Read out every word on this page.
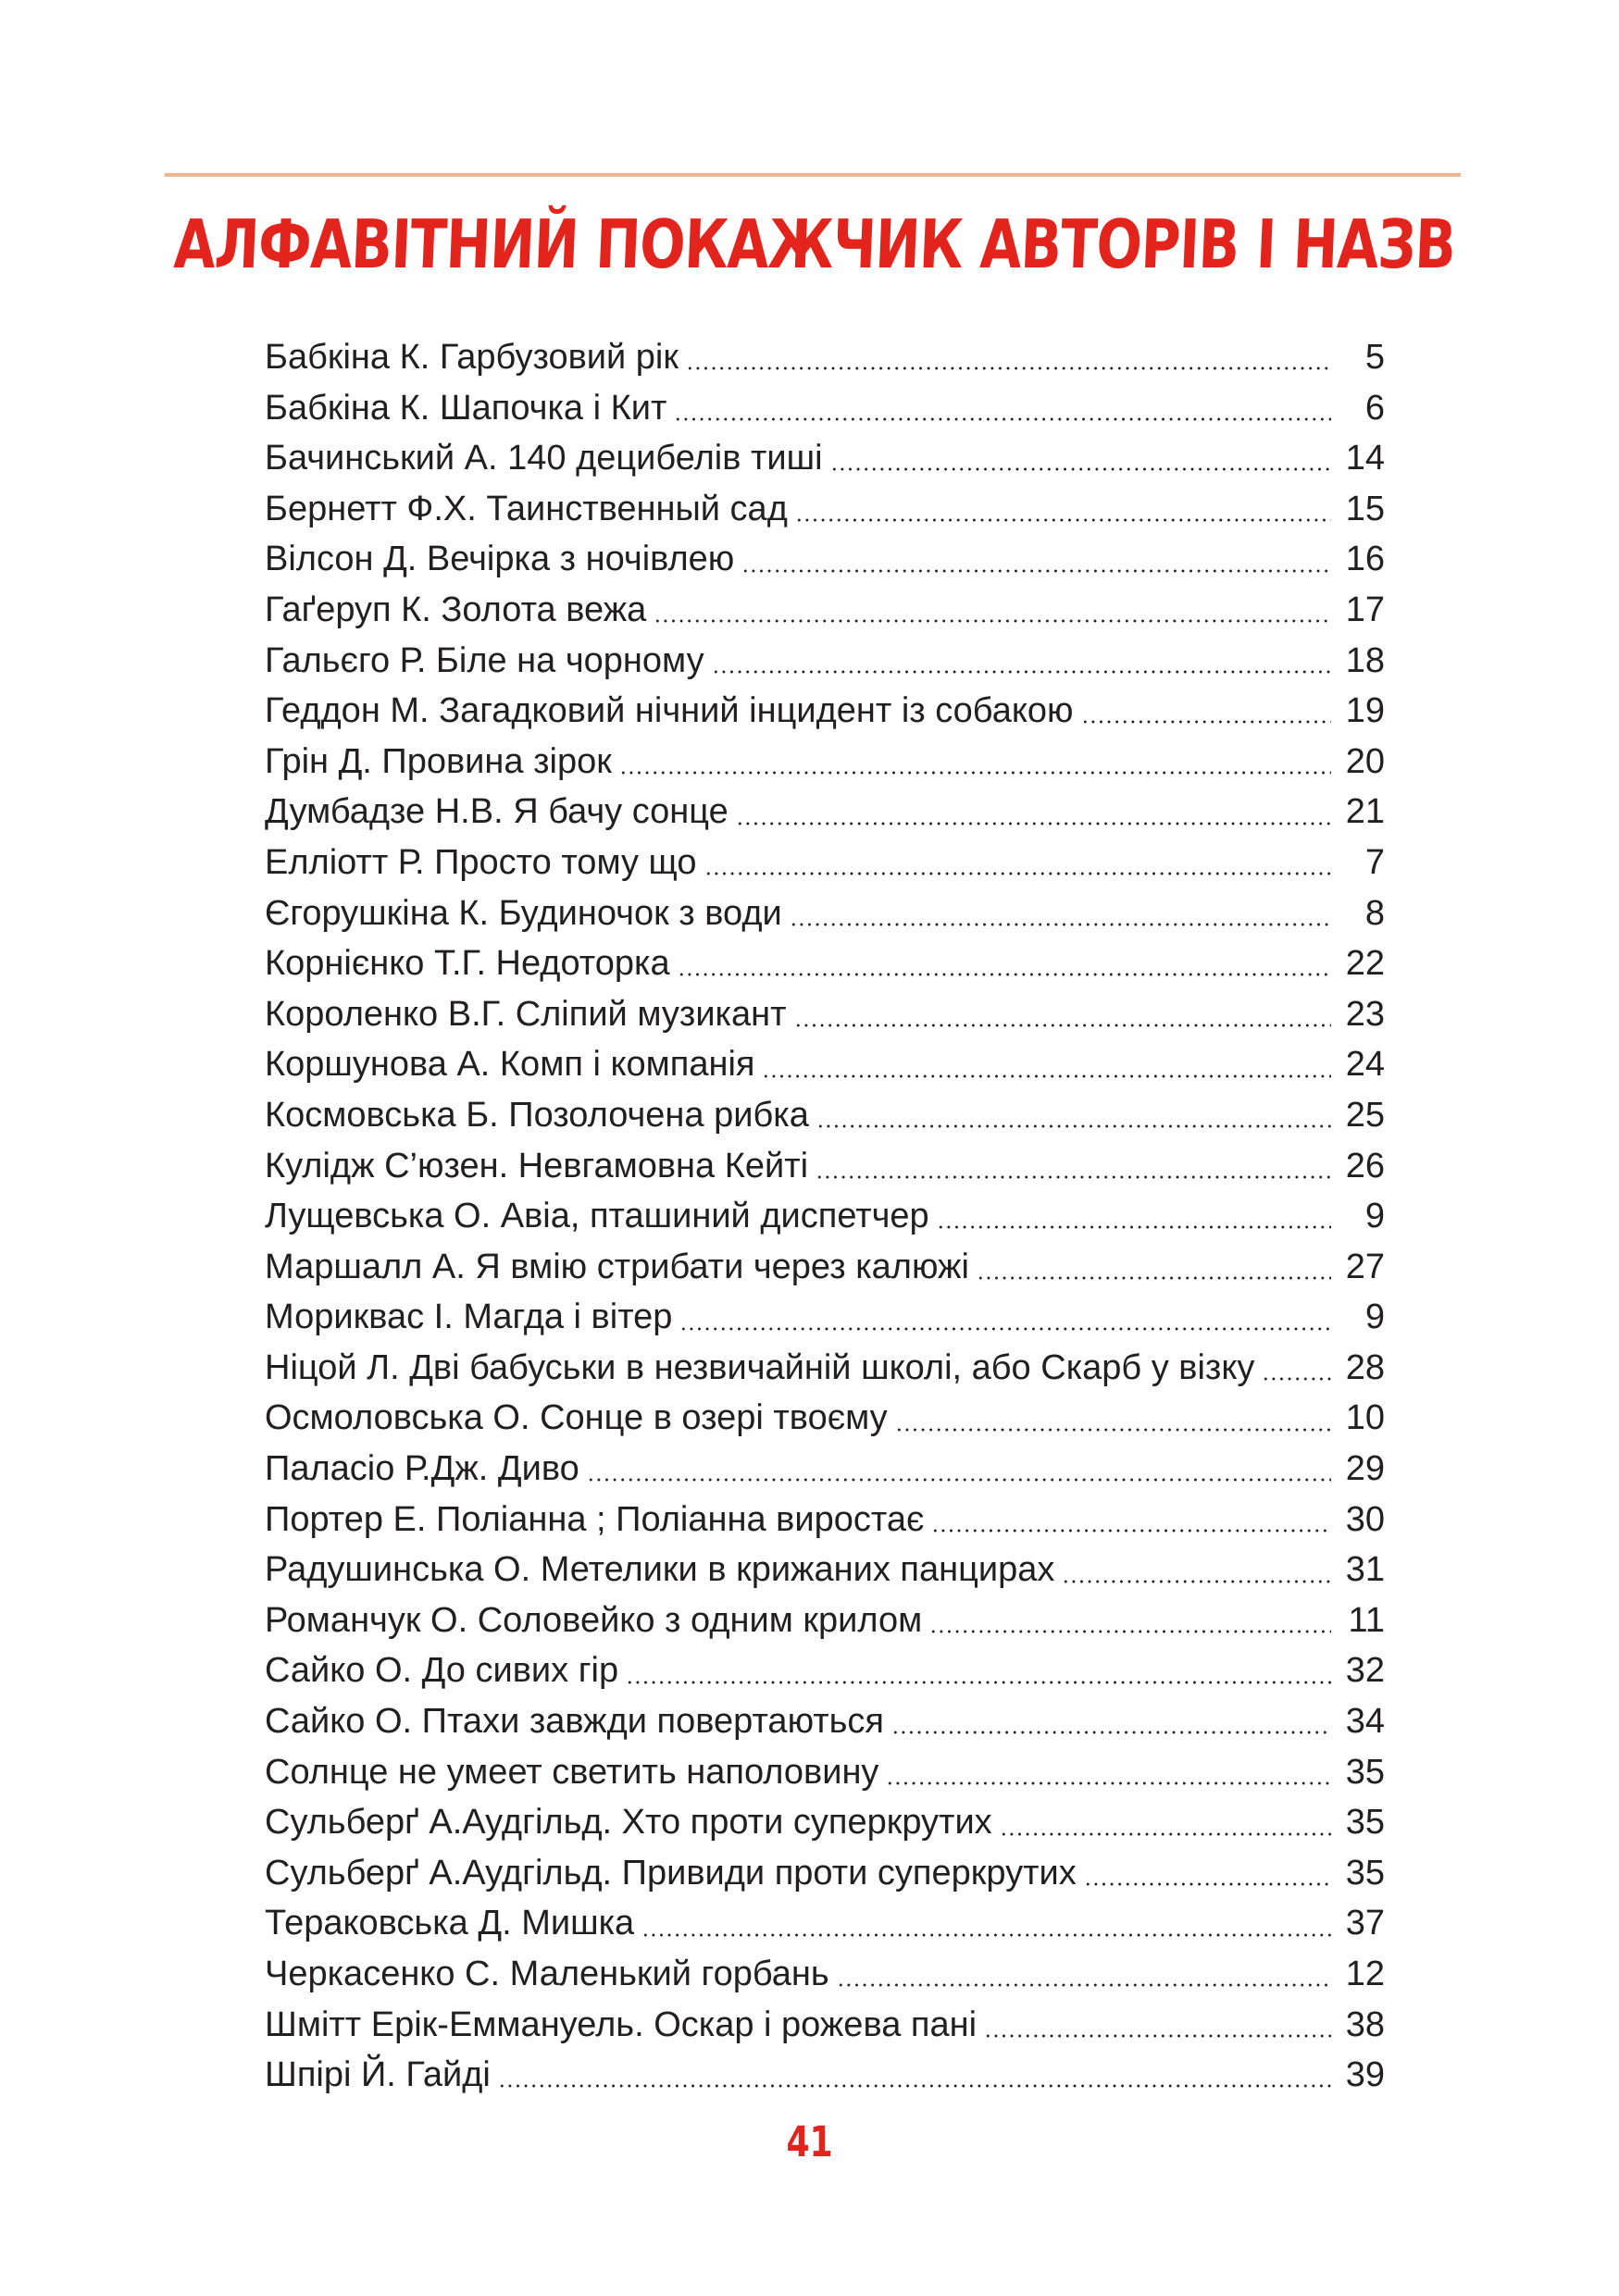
АЛФАВІТНИЙ ПОКАЖЧИК АВТОРІВ І НАЗВ
Бабкіна К. Гарбузовий рік	5
Бабкіна К. Шапочка і Кит	6
Бачинський А. 140 децибелів тиші	14
Бернетт Ф.Х. Таинственный сад	15
Вілсон Д. Вечірка з ночівлею	16
Гаґеруп К. Золота вежа	17
Гальєго Р. Біле на чорному	18
Геддон М. Загадковий нічний інцидент із собакою	19
Грін Д. Провина зірок	20
Думбадзе Н.В. Я бачу сонце	21
Еллiотт Р. Просто тому що	7
Єгорушкіна К. Будиночок з води	8
Корнієнко Т.Г. Недоторка	22
Короленко В.Г. Сліпий музикант	23
Коршунова А. Комп і компанія	24
Космовська Б. Позолочена рибка	25
Кулідж С’юзен. Невгамовна Кейті	26
Лущевська О. Авіа, пташиний диспетчер	9
Маршалл А. Я вмію стрибати через калюжі	27
Мориквас І. Магда і вітер	9
Ніцой Л. Дві бабуськи в незвичайній школі, або Скарб у візку	28
Осмоловська О. Сонце в озері твоєму	10
Паласіо Р.Дж. Диво	29
Портер Е. Поліанна ; Поліанна виростає	30
Радушинська О. Метелики в крижаних панцирах	31
Романчук О. Соловейко з одним крилом	11
Сайко О. До сивих гір	32
Сайко О. Птахи завжди повертаються	34
Солнце не умеет светить наполовину	35
Сульберґ А.Аудгільд. Хто проти суперкрутих	35
Сульберґ А.Аудгільд. Привиди проти суперкрутих	35
Тераковська Д. Мишка	37
Черкасенко С. Маленький горбань	12
Шмітт Ерік-Еммануель. Оскар і рожева пані	38
Шпірі Й. Гайді	39
41
